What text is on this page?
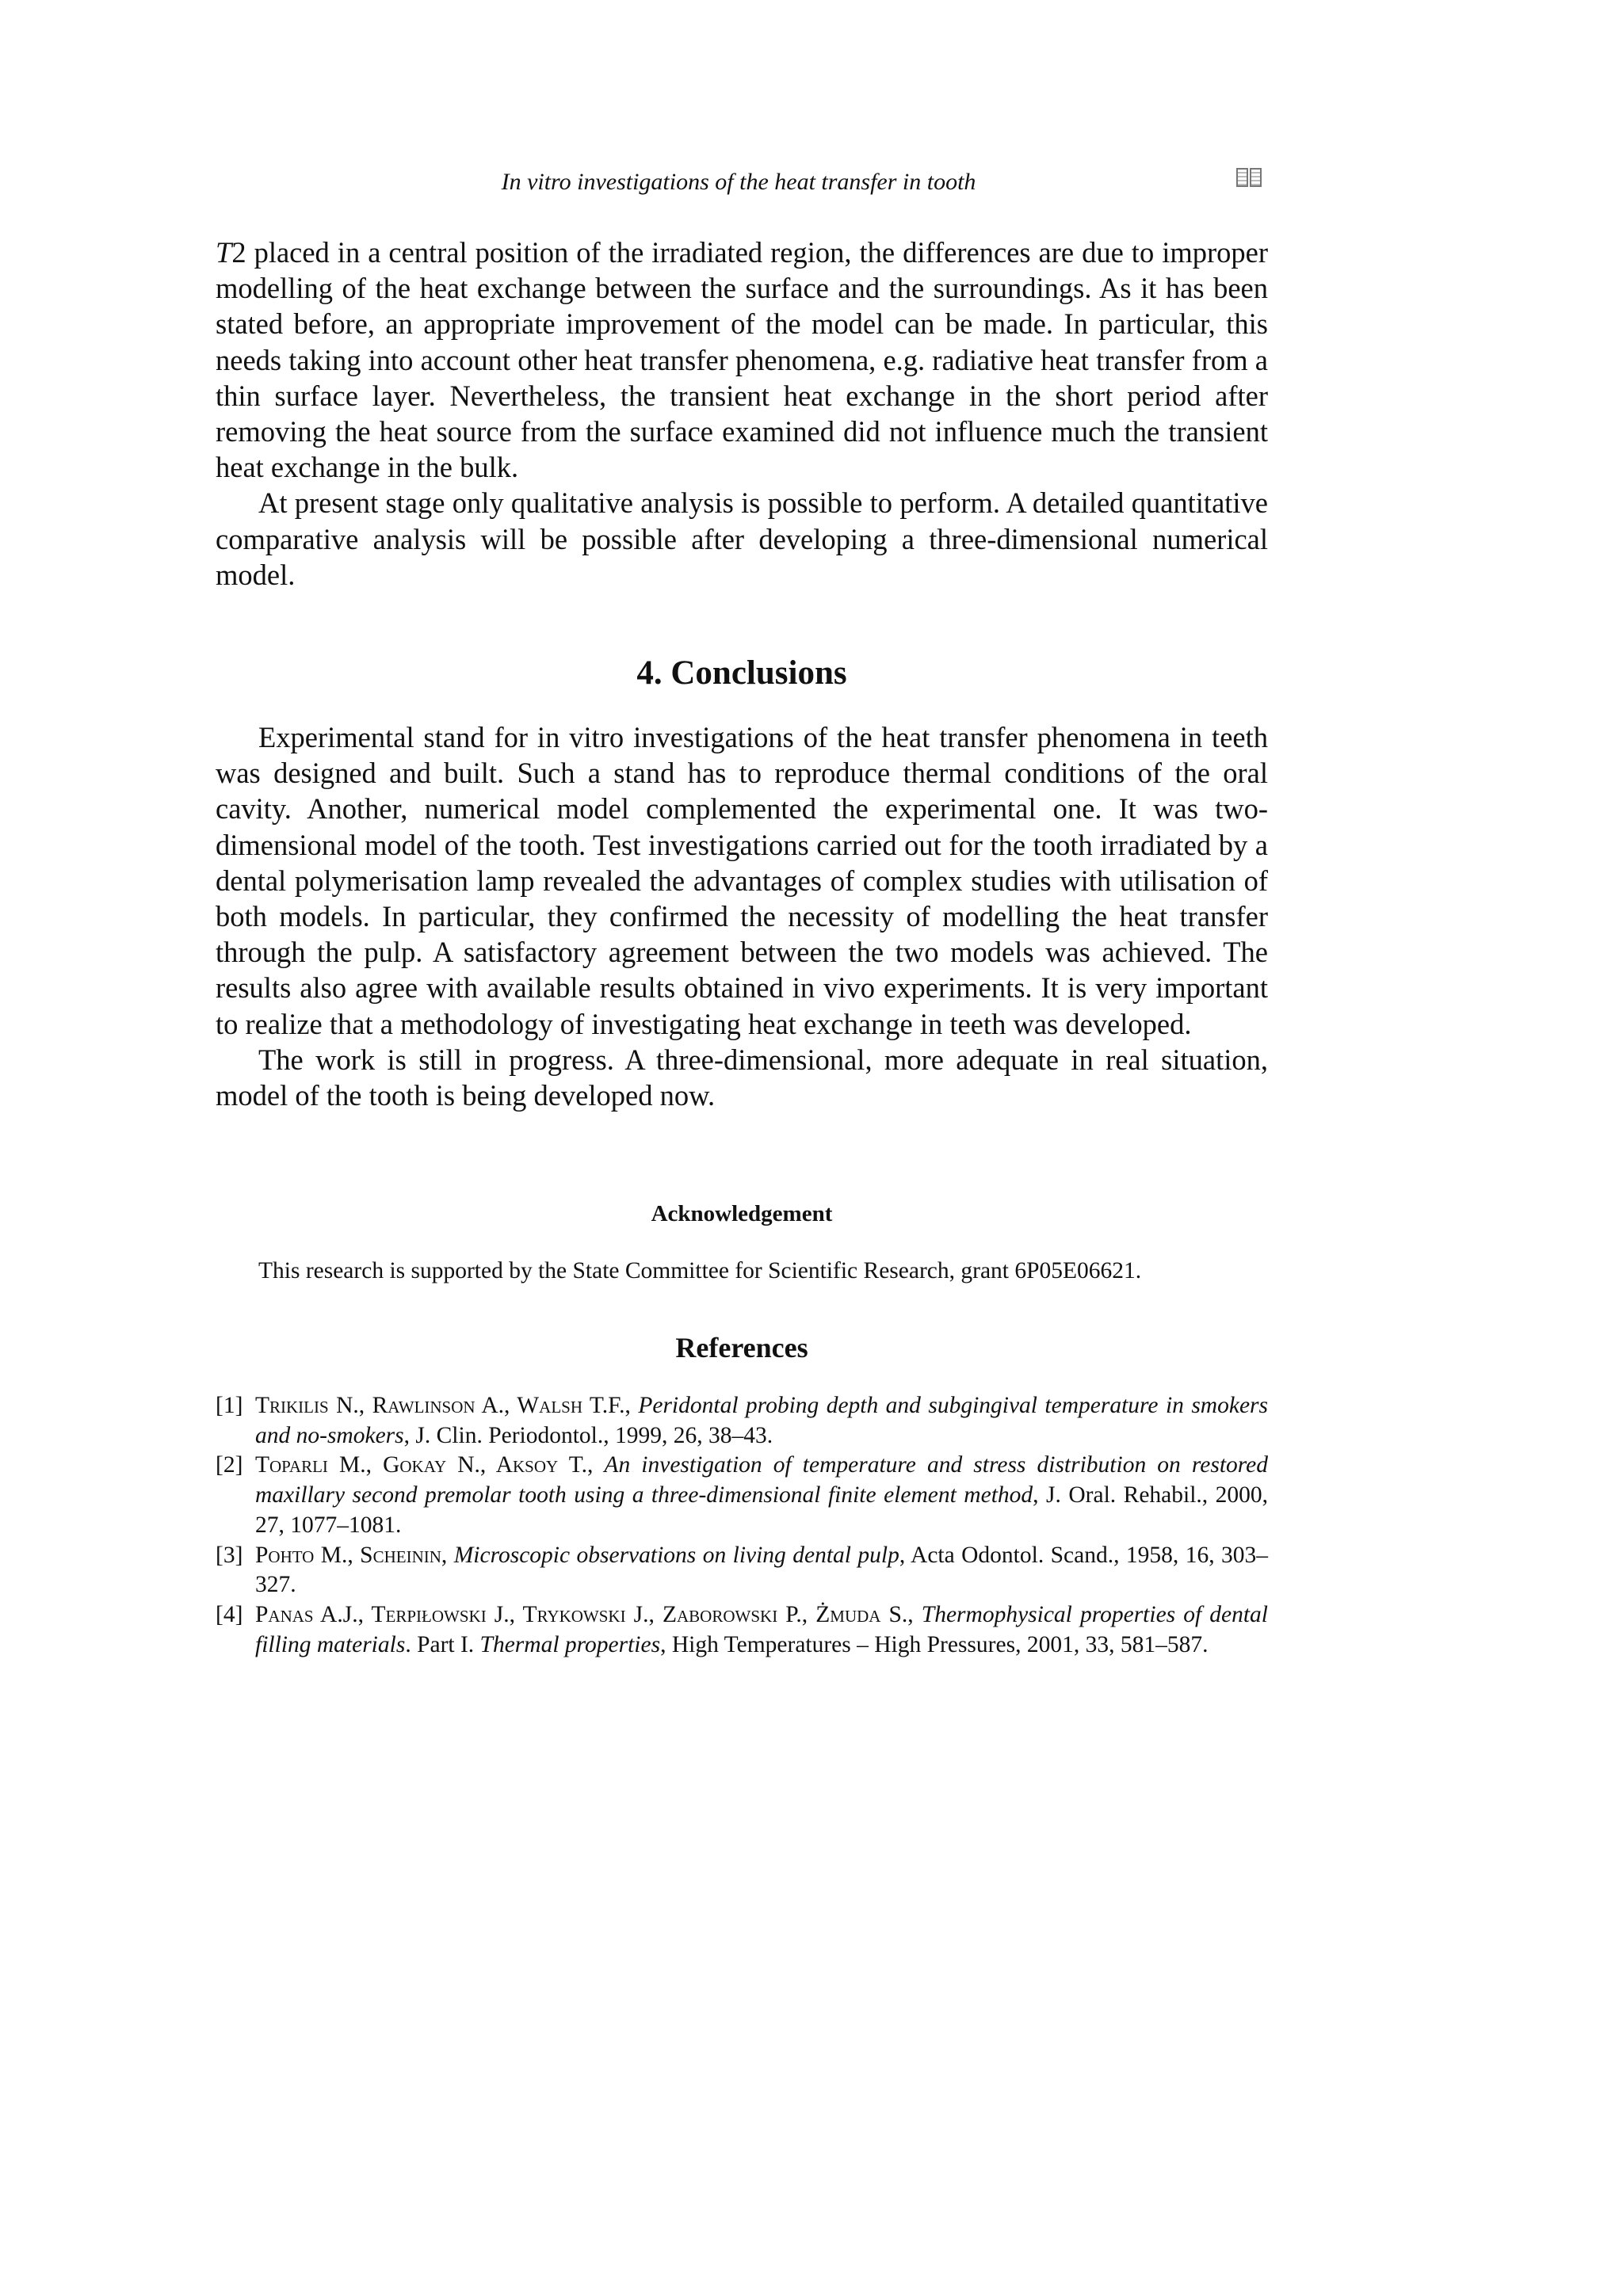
In vitro investigations of the heat transfer in tooth

T2 placed in a central position of the irradiated region, the differences are due to improper modelling of the heat exchange between the surface and the surroundings. As it has been stated before, an appropriate improvement of the model can be made. In particular, this needs taking into account other heat transfer phenomena, e.g. radiative heat transfer from a thin surface layer. Nevertheless, the transient heat exchange in the short period after removing the heat source from the surface examined did not influence much the transient heat exchange in the bulk.

At present stage only qualitative analysis is possible to perform. A detailed quantitative comparative analysis will be possible after developing a three-dimensional numerical model.

4. Conclusions

Experimental stand for in vitro investigations of the heat transfer phenomena in teeth was designed and built. Such a stand has to reproduce thermal conditions of the oral cavity. Another, numerical model complemented the experimental one. It was two-dimensional model of the tooth. Test investigations carried out for the tooth irradiated by a dental polymerisation lamp revealed the advantages of complex studies with utilisation of both models. In particular, they confirmed the necessity of modelling the heat transfer through the pulp. A satisfactory agreement between the two models was achieved. The results also agree with available results obtained in vivo experiments. It is very important to realize that a methodology of investigating heat exchange in teeth was developed.

The work is still in progress. A three-dimensional, more adequate in real situation, model of the tooth is being developed now.

Acknowledgement

This research is supported by the State Committee for Scientific Research, grant 6P05E06621.

References
[1] Trikilis N., Rawlinson A., Walsh T.F., Peridontal probing depth and subgingival temperature in smokers and no-smokers, J. Clin. Periodontol., 1999, 26, 38–43.
[2] Toparli M., Gokay N., Aksoy T., An investigation of temperature and stress distribution on restored maxillary second premolar tooth using a three-dimensional finite element method, J. Oral. Rehabil., 2000, 27, 1077–1081.
[3] Pohto M., Scheinin, Microscopic observations on living dental pulp, Acta Odontol. Scand., 1958, 16, 303–327.
[4] Panas A.J., Terpiłowski J., Trykowski J., Zaborowski P., Żmuda S., Thermophysical properties of dental filling materials. Part I. Thermal properties, High Temperatures – High Pressures, 2001, 33, 581–587.
